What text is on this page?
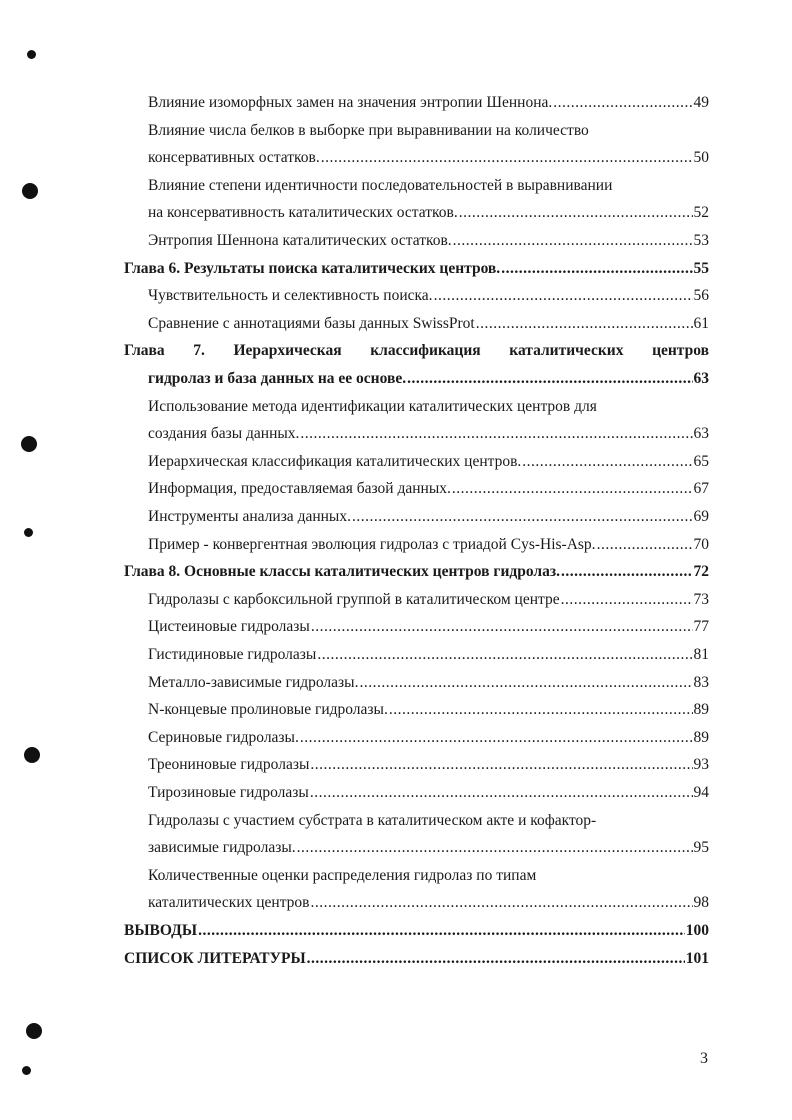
Влияние изоморфных замен на значения энтропии Шеннона. .....	49
Влияние числа белков в выборке при выравнивании на количество
консервативных остатков. .....	50
Влияние степени идентичности последовательностей в выравнивании
на консервативность каталитических остатков. .....	52
Энтропия Шеннона каталитических остатков. .....	53
Глава 6. Результаты поиска каталитических центров. .....	55
Чувствительность и селективность поиска. .....	56
Сравнение с аннотациями базы данных SwissProt .....	61
Глава 7. Иерархическая классификация каталитических центров
гидролаз и база данных на ее основе. .....	63
Использование метода идентификации каталитических центров для
создания базы данных. .....	63
Иерархическая классификация каталитических центров. .....	65
Информация, предоставляемая базой данных. .....	67
Инструменты анализа данных. .....	69
Пример - конвергентная эволюция гидролаз с триадой Cys-His-Asp. .....	70
Глава 8. Основные классы каталитических центров гидролаз. .....	72
Гидролазы с карбоксильной группой в каталитическом центре .....	73
Цистеиновые гидролазы .....	77
Гистидиновые гидролазы .....	81
Металло-зависимые гидролазы. .....	83
N-концевые пролиновые гидролазы. .....	89
Сериновые гидролазы. .....	89
Треониновые гидролазы .....	93
Тирозиновые гидролазы .....	94
Гидролазы с участием субстрата в каталитическом акте и кофактор-
зависимые гидролазы. .....	95
Количественные оценки распределения гидролаз по типам
каталитических центров .....	98
ВЫВОДЫ .....	100
СПИСОК ЛИТЕРАТУРЫ .....	101
3
